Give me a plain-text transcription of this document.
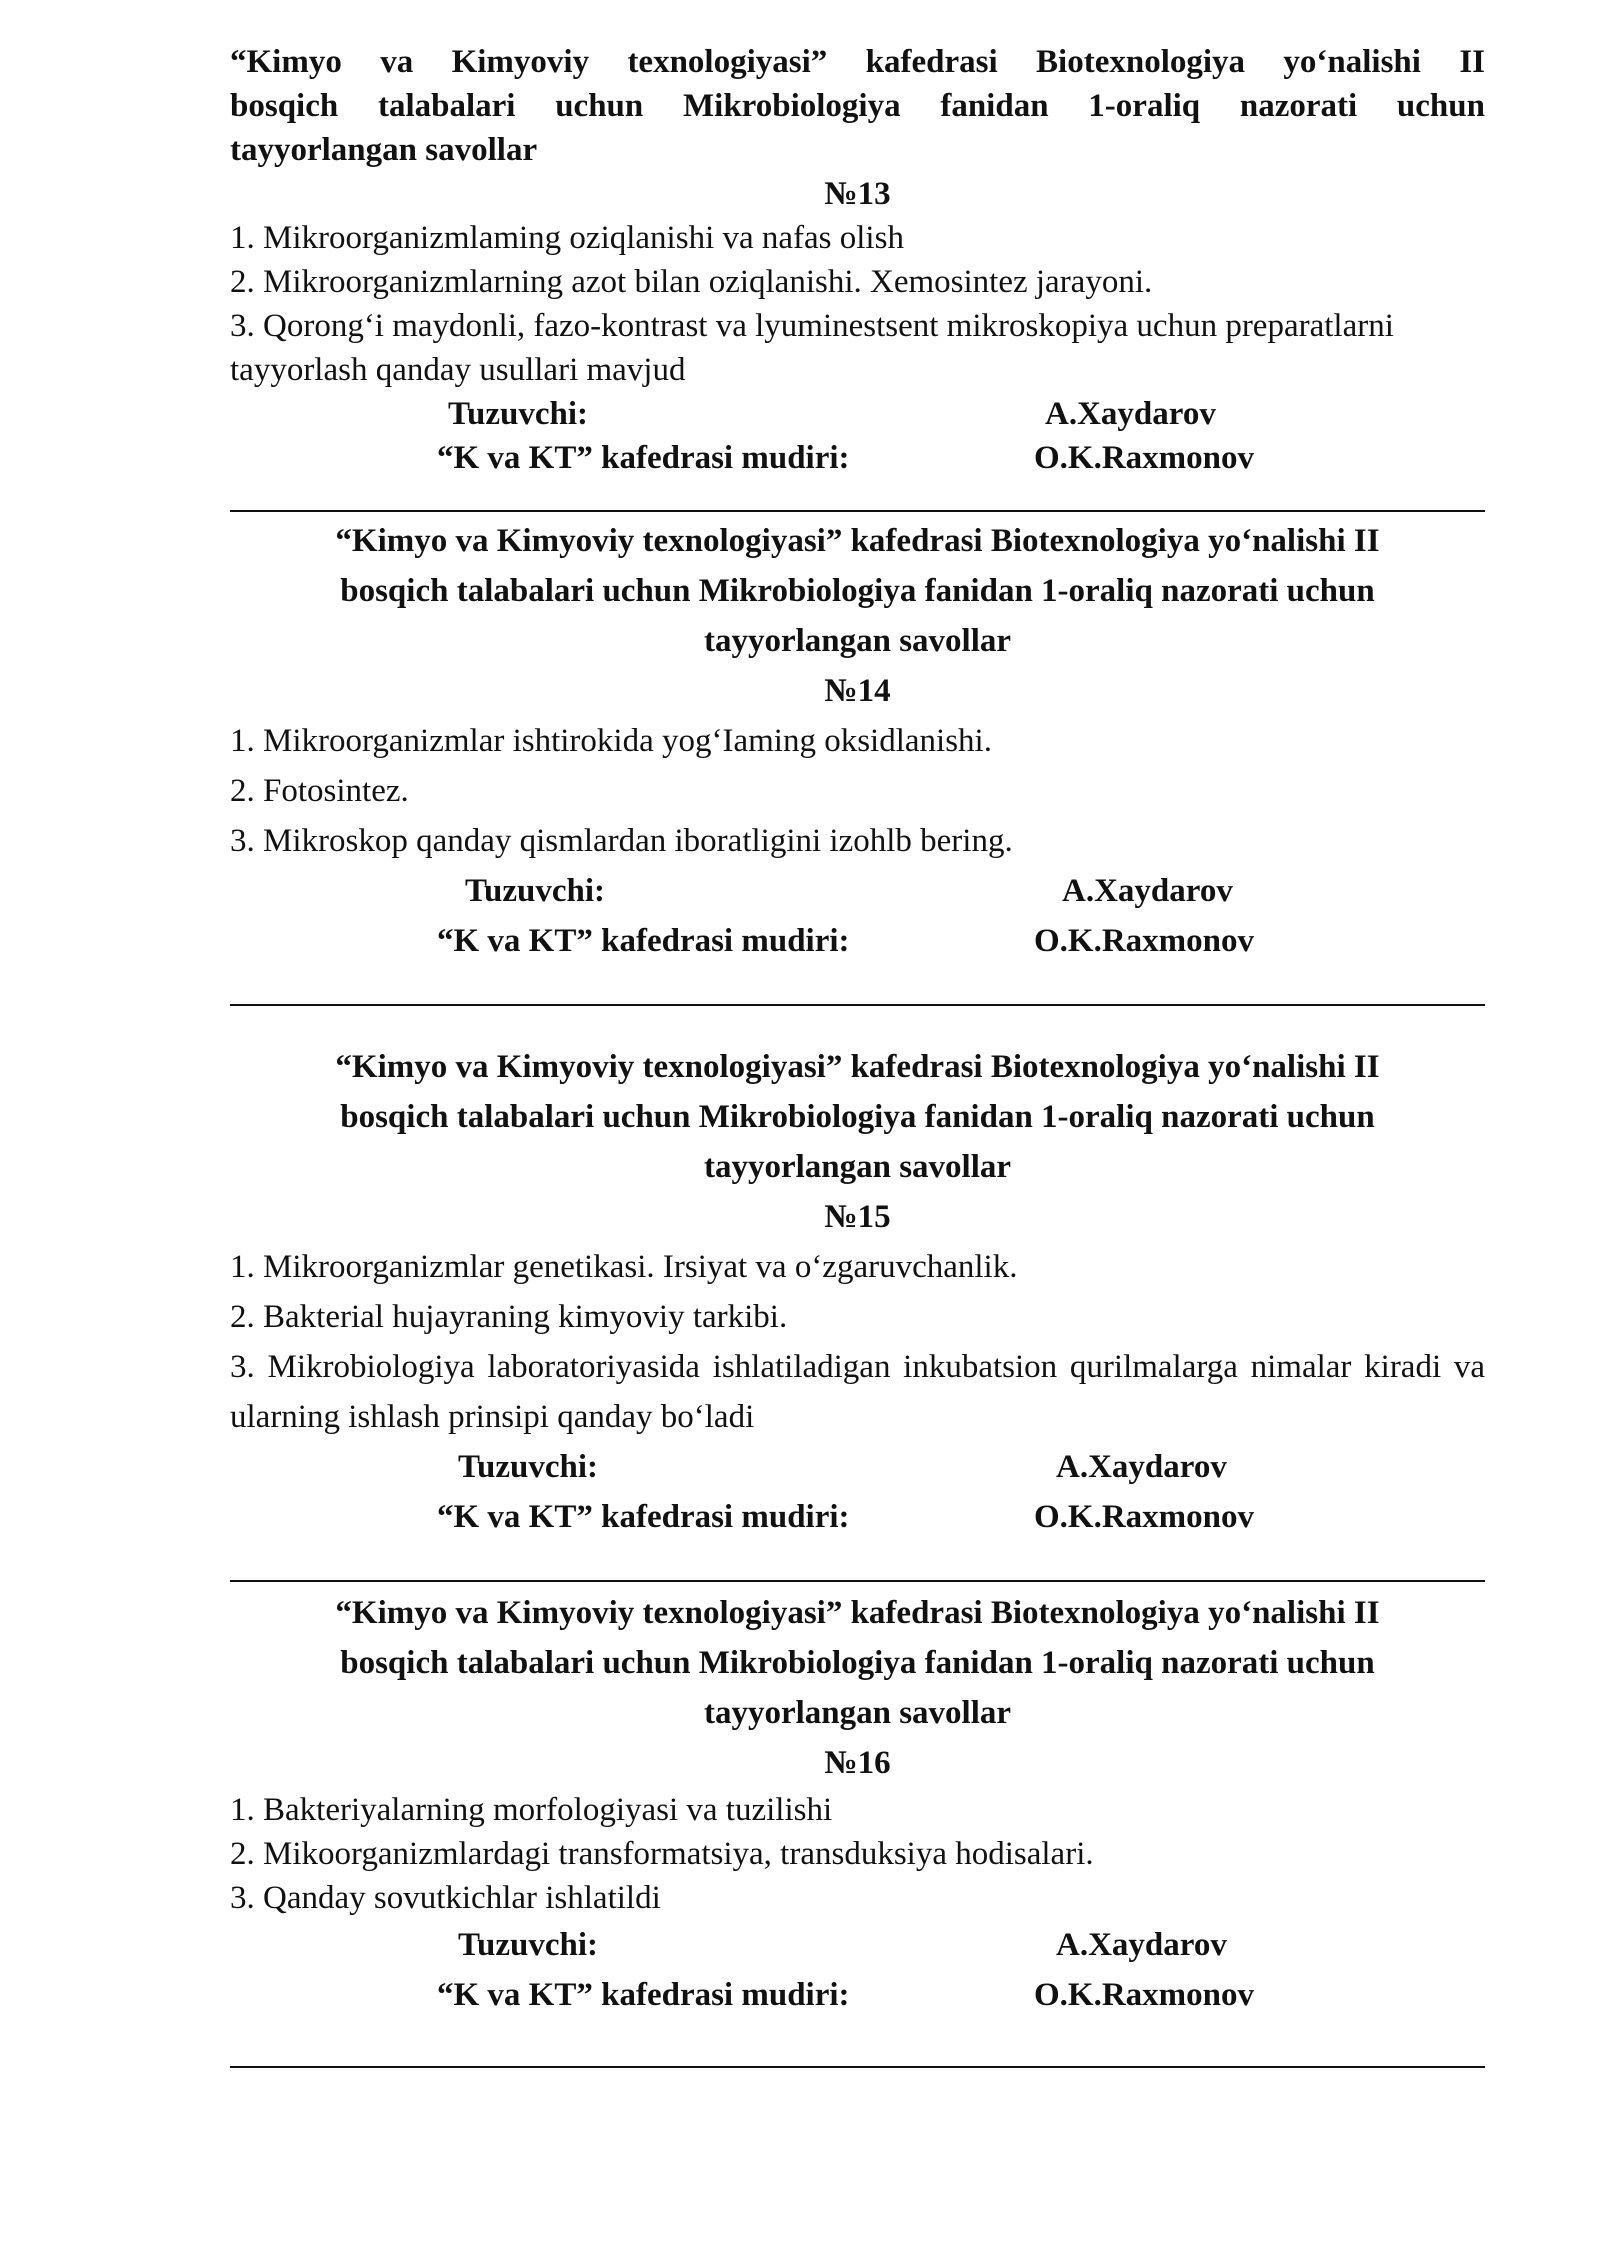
“Kimyo va Kimyoviy texnologiyasi” kafedrasi Biotexnologiya yo‘nalishi II
bosqich talabalari uchun Mikrobiologiya fanidan 1-oraliq nazorati uchun
tayyorlangan savollar
№13
1. Mikroorganizmlaming oziqlanishi va nafas olish
2. Mikroorganizmlarning azot bilan oziqlanishi. Xemosintez jarayoni.
3. Qorong‘i maydonli, fazo-kontrast va lyuminestsent mikroskopiya uchun preparatlarni tayyorlash qanday usullari mavjud
Tuzuvchi:	A.Xaydarov
“K va KT” kafedrasi mudiri:	O.K.Raxmonov
“Kimyo va Kimyoviy texnologiyasi” kafedrasi Biotexnologiya yo‘nalishi II
bosqich talabalari uchun Mikrobiologiya fanidan 1-oraliq nazorati uchun
tayyorlangan savollar
№14
1. Mikroorganizmlar ishtirokida yog‘Iaming oksidlanishi.
2. Fotosintez.
3. Mikroskop qanday qismlardan iboratligini izohlb bering.
Tuzuvchi:	A.Xaydarov
“K va KT” kafedrasi mudiri:	O.K.Raxmonov
“Kimyo va Kimyoviy texnologiyasi” kafedrasi Biotexnologiya yo‘nalishi II
bosqich talabalari uchun Mikrobiologiya fanidan 1-oraliq nazorati uchun
tayyorlangan savollar
№15
1. Mikroorganizmlar genetikasi. Irsiyat va o‘zgaruvchanlik.
2. Bakterial hujayraning kimyoviy tarkibi.
3. Mikrobiologiya laboratoriyasida ishlatiladigan inkubatsion qurilmalarga nimalar kiradi va ularning ishlash prinsipi qanday bo‘ladi
Tuzuvchi:	A.Xaydarov
“K va KT” kafedrasi mudiri:	O.K.Raxmonov
“Kimyo va Kimyoviy texnologiyasi” kafedrasi Biotexnologiya yo‘nalishi II
bosqich talabalari uchun Mikrobiologiya fanidan 1-oraliq nazorati uchun
tayyorlangan savollar
№16
1. Bakteriyalarning morfologiyasi va tuzilishi
2. Mikoorganizmlardagi transformatsiya, transduksiya hodisalari.
3. Qanday sovutkichlar ishlatildi
Tuzuvchi:	A.Xaydarov
“K va KT” kafedrasi mudiri:	O.K.Raxmonov
